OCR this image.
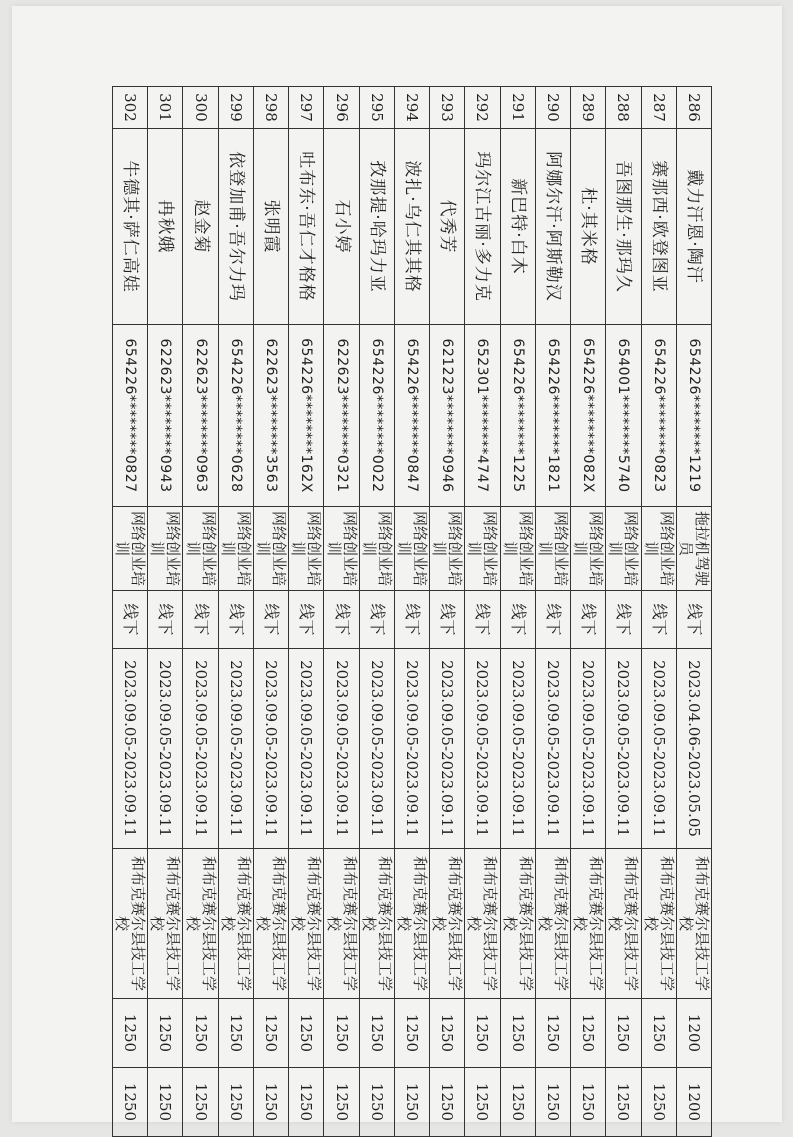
286	戴力汗恩·陶汗	654226********1219	拖拉机驾驶员	线下	2023.04.06-2023.05.05	和布克赛尔县技工学校	1200	1200
287	赛那西·欧登图亚	654226********0823	网络创业培训	线下	2023.09.05-2023.09.11	和布克赛尔县技工学校	1250	1250
288	吾图那生·那玛久	654001********5740	网络创业培训	线下	2023.09.05-2023.09.11	和布克赛尔县技工学校	1250	1250
289	杜·其米格	654226********082X	网络创业培训	线下	2023.09.05-2023.09.11	和布克赛尔县技工学校	1250	1250
290	阿娜尔汗·阿斯勒汉	654226********1821	网络创业培训	线下	2023.09.05-2023.09.11	和布克赛尔县技工学校	1250	1250
291	新巴特·白木	654226********1225	网络创业培训	线下	2023.09.05-2023.09.11	和布克赛尔县技工学校	1250	1250
292	玛尔江古丽·多力克	652301********4747	网络创业培训	线下	2023.09.05-2023.09.11	和布克赛尔县技工学校	1250	1250
293	代秀芳	621223********0946	网络创业培训	线下	2023.09.05-2023.09.11	和布克赛尔县技工学校	1250	1250
294	波扎·乌仁其其格	654226********0847	网络创业培训	线下	2023.09.05-2023.09.11	和布克赛尔县技工学校	1250	1250
295	孜那提·哈玛力亚	654226********0022	网络创业培训	线下	2023.09.05-2023.09.11	和布克赛尔县技工学校	1250	1250
296	石小婷	622623********0321	网络创业培训	线下	2023.09.05-2023.09.11	和布克赛尔县技工学校	1250	1250
297	吐布东·吾仁才格格	654226********162X	网络创业培训	线下	2023.09.05-2023.09.11	和布克赛尔县技工学校	1250	1250
298	张明霞	622623********3563	网络创业培训	线下	2023.09.05-2023.09.11	和布克赛尔县技工学校	1250	1250
299	依登加甫·吾尔力玛	654226********0628	网络创业培训	线下	2023.09.05-2023.09.11	和布克赛尔县技工学校	1250	1250
300	赵金菊	622623********0963	网络创业培训	线下	2023.09.05-2023.09.11	和布克赛尔县技工学校	1250	1250
301	冉秋娥	622623********0943	网络创业培训	线下	2023.09.05-2023.09.11	和布克赛尔县技工学校	1250	1250
302	牛德其·萨仁高娃	654226********0827	网络创业培训	线下	2023.09.05-2023.09.11	和布克赛尔县技工学校	1250	1250
